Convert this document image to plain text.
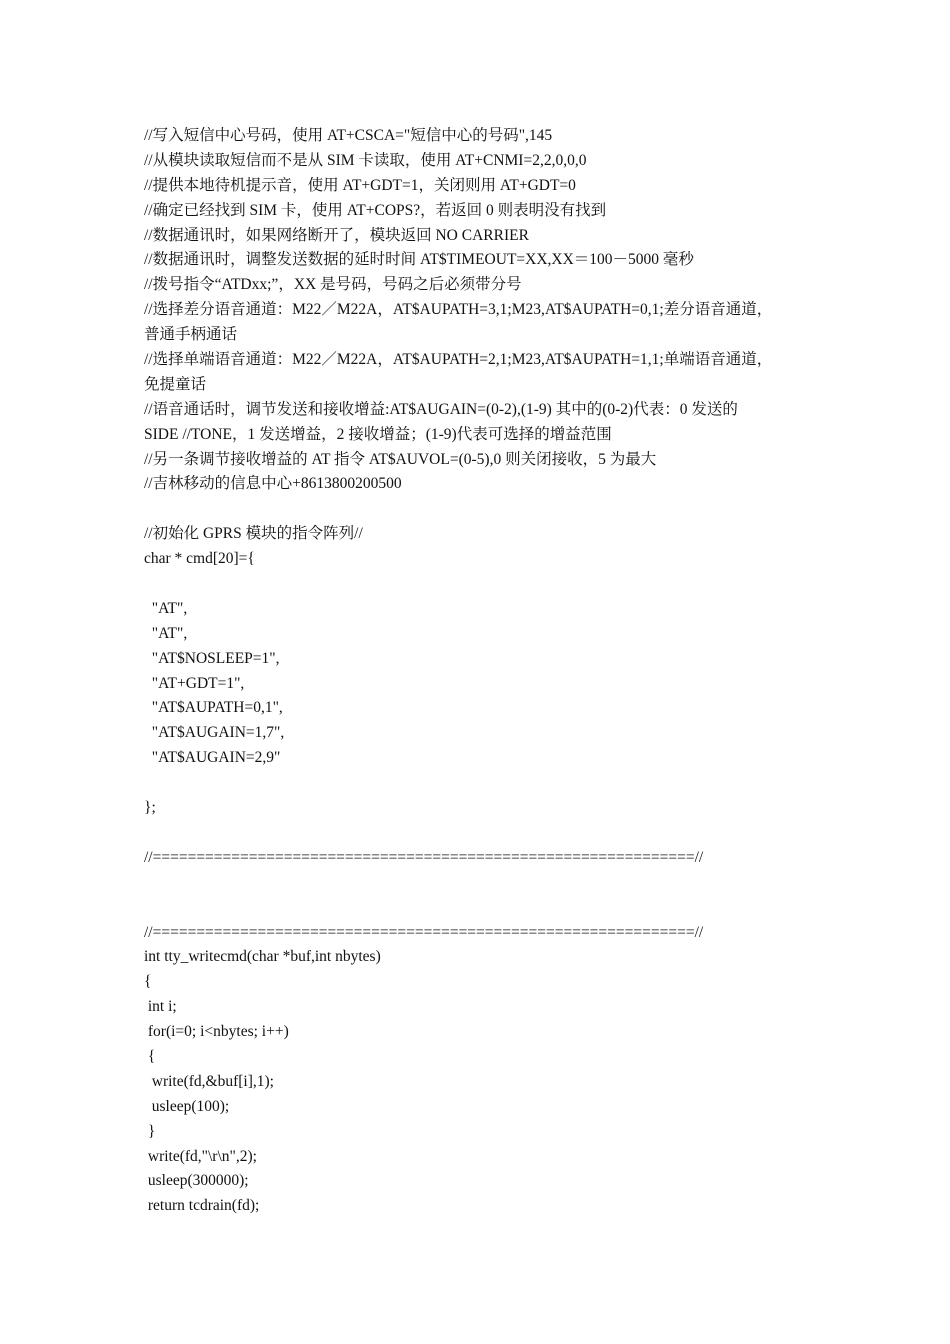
//写入短信中心号码，使用 AT+CSCA="短信中心的号码",145
//从模块读取短信而不是从 SIM 卡读取，使用 AT+CNMI=2,2,0,0,0
//提供本地待机提示音，使用 AT+GDT=1，关闭则用 AT+GDT=0
//确定已经找到 SIM 卡，使用 AT+COPS?，若返回 0 则表明没有找到
//数据通讯时，如果网络断开了，模块返回 NO CARRIER
//数据通讯时，调整发送数据的延时时间 AT$TIMEOUT=XX,XX＝100－5000 毫秒
//拨号指令“ATDxx;”，XX 是号码，号码之后必须带分号
//选择差分语音通道：M22／M22A，AT$AUPATH=3,1;M23,AT$AUPATH=0,1;差分语音通道，
普通手柄通话
//选择单端语音通道：M22／M22A，AT$AUPATH=2,1;M23,AT$AUPATH=1,1;单端语音通道，
免提童话
//语音通话时，调节发送和接收增益:AT$AUGAIN=(0-2),(1-9) 其中的(0-2)代表：0 发送的
SIDE //TONE，1 发送增益，2 接收增益；(1-9)代表可选择的增益范围
//另一条调节接收增益的 AT 指令 AT$AUVOL=(0-5),0 则关闭接收，5 为最大
//吉林移动的信息中心+8613800200500
//初始化 GPRS 模块的指令阵列//
char * cmd[20]={
"AT",
"AT",
"AT$NOSLEEP=1",
"AT+GDT=1",
"AT$AUPATH=0,1",
"AT$AUGAIN=1,7",
"AT$AUGAIN=2,9"
};
//==============================================================//
//==============================================================//
int tty_writecmd(char *buf,int nbytes)
{
int i;
for(i=0; i<nbytes; i++)
{
write(fd,&buf[i],1);
usleep(100);
}
write(fd,"\r\n",2);
usleep(300000);
return tcdrain(fd);
